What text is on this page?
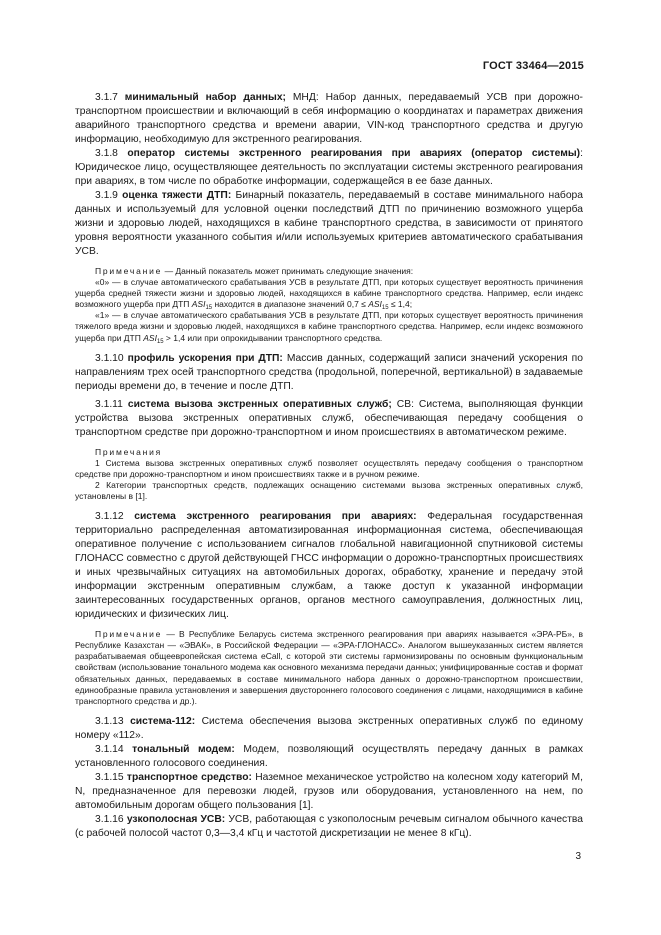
ГОСТ 33464—2015

3.1.7 минимальный набор данных; МНД: Набор данных, передаваемый УСВ при дорожно-транспортном происшествии и включающий в себя информацию о координатах и параметрах движения аварийного транспортного средства и времени аварии, VIN-код транспортного средства и другую информацию, необходимую для экстренного реагирования.

3.1.8 оператор системы экстренного реагирования при авариях (оператор системы): Юридическое лицо, осуществляющее деятельность по эксплуатации системы экстренного реагирования при авариях, в том числе по обработке информации, содержащейся в ее базе данных.

3.1.9 оценка тяжести ДТП: Бинарный показатель, передаваемый в составе минимального набора данных и используемый для условной оценки последствий ДТП по причинению возможного ущерба жизни и здоровью людей, находящихся в кабине транспортного средства, в зависимости от принятого уровня вероятности указанного события и/или используемых критериев автоматического срабатывания УСВ.

Примечание — Данный показатель может принимать следующие значения:

«0» — в случае автоматического срабатывания УСВ в результате ДТП, при которых существует вероятность причинения ущерба средней тяжести жизни и здоровью людей, находящихся в кабине транспортного средства. Например, если индекс возможного ущерба при ДТП $ASI_{15}$ находится в диапазоне значений $0,7 \le ASI_{15} \le 1,4$;

«1» — в случае автоматического срабатывания УСВ в результате ДТП, при которых существует вероятность причинения тяжелого вреда жизни и здоровью людей, находящихся в кабине транспортного средства. Например, если индекс возможного ущерба при ДТП $ASI_{15} > 1,4$ или при опрокидывании транспортного средства.

3.1.10 профиль ускорения при ДТП: Массив данных, содержащий записи значений ускорения по направлениям трех осей транспортного средства (продольной, поперечной, вертикальной) в задаваемые периоды времени до, в течение и после ДТП.

3.1.11 система вызова экстренных оперативных служб; СВ: Система, выполняющая функции устройства вызова экстренных оперативных служб, обеспечивающая передачу сообщения о транспортном средстве при дорожно-транспортном и ином происшествиях в автоматическом режиме.

Примечания

1 Система вызова экстренных оперативных служб позволяет осуществлять передачу сообщения о транспортном средстве при дорожно-транспортном и ином происшествиях также и в ручном режиме.

2 Категории транспортных средств, подлежащих оснащению системами вызова экстренных оперативных служб, установлены в [1].

3.1.12 система экстренного реагирования при авариях: Федеральная государственная территориально распределенная автоматизированная информационная система, обеспечивающая оперативное получение с использованием сигналов глобальной навигационной спутниковой системы ГЛОНАСС совместно с другой действующей ГНСС информации о дорожно-транспортных происшествиях и иных чрезвычайных ситуациях на автомобильных дорогах, обработку, хранение и передачу этой информации экстренным оперативным службам, а также доступ к указанной информации заинтересованных государственных органов, органов местного самоуправления, должностных лиц, юридических и физических лиц.

Примечание — В Республике Беларусь система экстренного реагирования при авариях называется «ЭРА-РБ», в Республике Казахстан — «ЭВАК», в Российской Федерации — «ЭРА-ГЛОНАСС». Аналогом вышеуказанных систем является разрабатываемая общеевропейская система eCall, с которой эти системы гармонизированы по основным функциональным свойствам (использование тонального модема как основного механизма передачи данных; унифицированные состав и формат обязательных данных, передаваемых в составе минимального набора данных о дорожно-транспортном происшествии, единообразные правила установления и завершения двустороннего голосового соединения с лицами, находящимися в кабине транспортного средства и др.).

3.1.13 система-112: Система обеспечения вызова экстренных оперативных служб по единому номеру «112».

3.1.14 тональный модем: Модем, позволяющий осуществлять передачу данных в рамках установленного голосового соединения.

3.1.15 транспортное средство: Наземное механическое устройство на колесном ходу категорий М, N, предназначенное для перевозки людей, грузов или оборудования, установленного на нем, по автомобильным дорогам общего пользования [1].

3.1.16 узкополосная УСВ: УСВ, работающая с узкополосным речевым сигналом обычного качества (с рабочей полосой частот 0,3—3,4 кГц и частотой дискретизации не менее 8 кГц).

3
